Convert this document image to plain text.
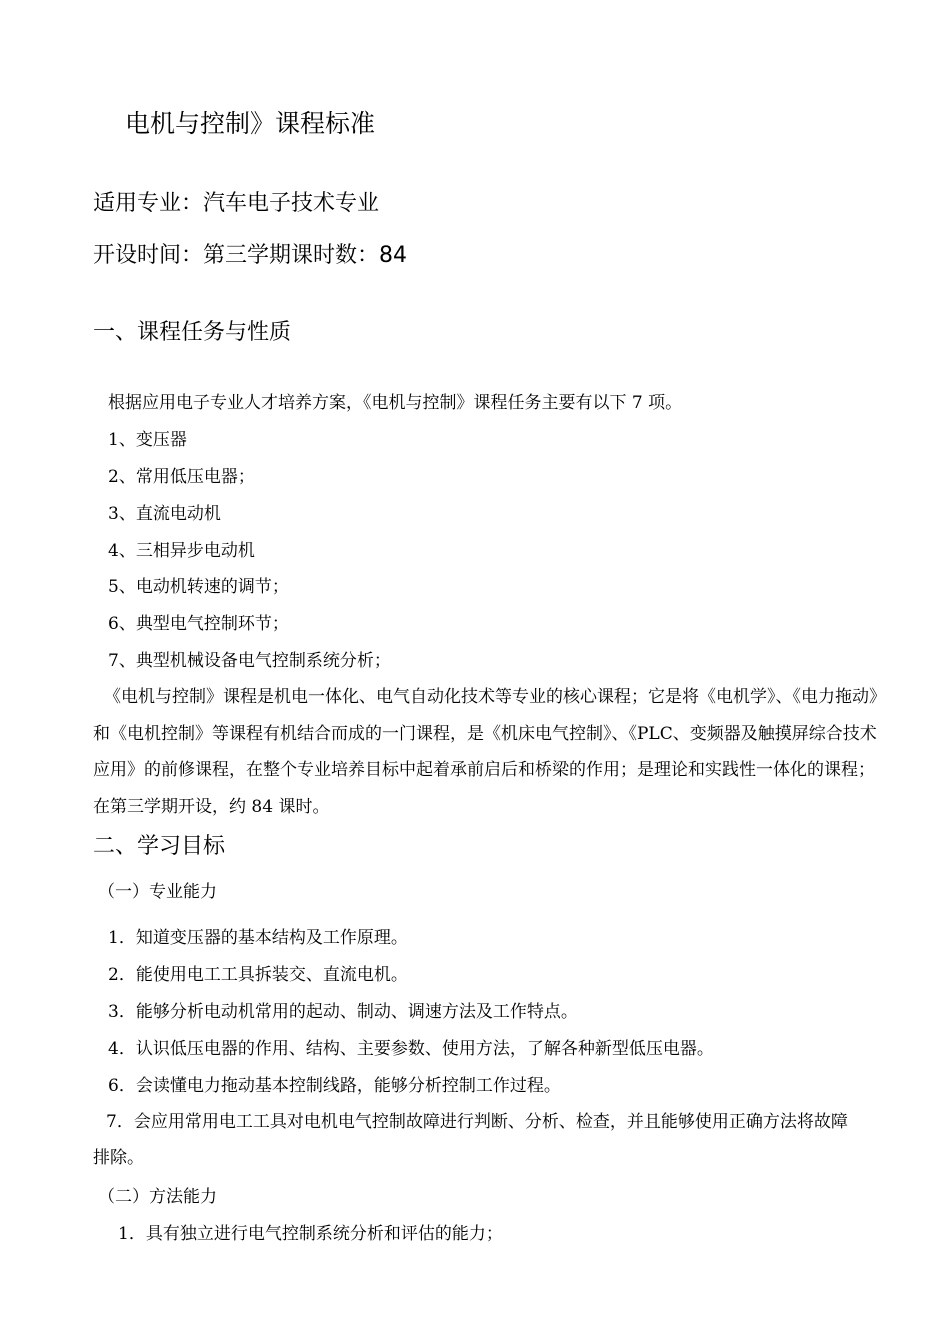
电机与控制》课程标准
适用专业：汽车电子技术专业
开设时间：第三学期课时数：84
一、课程任务与性质
根据应用电子专业人才培养方案，《电机与控制》课程任务主要有以下 7 项。
1、变压器
2、常用低压电器；
3、直流电动机
4、三相异步电动机
5、电动机转速的调节；
6、典型电气控制环节；
7、典型机械设备电气控制系统分析；
《电机与控制》课程是机电一体化、电气自动化技术等专业的核心课程；它是将《电机学》、《电力拖动》和《电机控制》等课程有机结合而成的一门课程，是《机床电气控制》、《PLC、变频器及触摸屏综合技术应用》的前修课程，在整个专业培养目标中起着承前启后和桥梁的作用；是理论和实践性一体化的课程；在第三学期开设，约 84 课时。
二、学习目标
（一）专业能力
1．知道变压器的基本结构及工作原理。
2．能使用电工工具拆装交、直流电机。
3．能够分析电动机常用的起动、制动、调速方法及工作特点。
4．认识低压电器的作用、结构、主要参数、使用方法，了解各种新型低压电器。
6．会读懂电力拖动基本控制线路，能够分析控制工作过程。
7．会应用常用电工工具对电机电气控制故障进行判断、分析、检查，并且能够使用正确方法将故障排除。
（二）方法能力
1．具有独立进行电气控制系统分析和评估的能力；
